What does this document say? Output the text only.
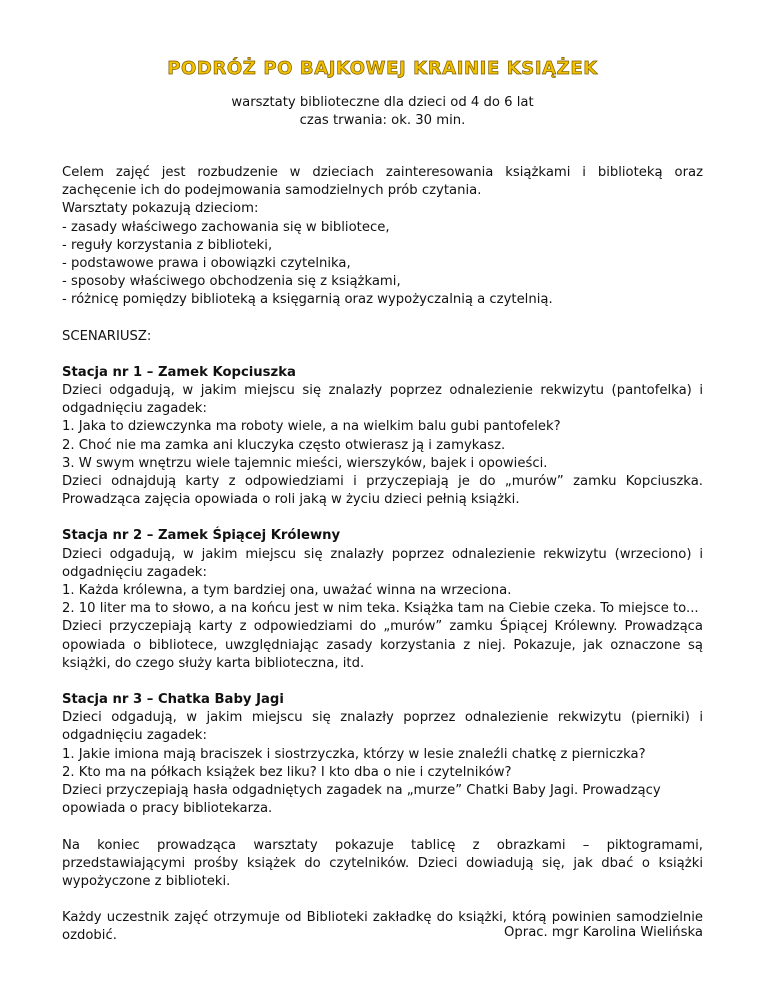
PODRÓŻ PO BAJKOWEJ KRAINIE KSIĄŻEK
warsztaty biblioteczne dla dzieci od 4 do 6 lat
czas trwania: ok. 30 min.
Celem zajęć jest rozbudzenie w dzieciach zainteresowania książkami i biblioteką oraz zachęcenie ich do podejmowania samodzielnych prób czytania.
Warsztaty pokazują dzieciom:
- zasady właściwego zachowania się w bibliotece,
- reguły korzystania z biblioteki,
- podstawowe prawa i obowiązki czytelnika,
- sposoby właściwego obchodzenia się z książkami,
- różnicę pomiędzy biblioteką a księgarnią oraz wypożyczalnią a czytelnią.
SCENARIUSZ:
Stacja nr 1 – Zamek Kopciuszka
Dzieci odgadują, w jakim miejscu się znalazły poprzez odnalezienie rekwizytu (pantofelka) i odgadnięciu zagadek:
1. Jaka to dziewczynka ma roboty wiele, a na wielkim balu gubi pantofelek?
2. Choć nie ma zamka ani kluczyka często otwierasz ją i zamykasz.
3. W swym wnętrzu wiele tajemnic mieści, wierszyków, bajek i opowieści.
Dzieci odnajdują karty z odpowiedziami i przyczepiają je do „murów” zamku Kopciuszka. Prowadząca zajęcia opowiada o roli jaką w życiu dzieci pełnią książki.
Stacja nr 2 – Zamek Śpiącej Królewny
Dzieci odgadują, w jakim miejscu się znalazły poprzez odnalezienie rekwizytu (wrzeciono) i odgadnięciu zagadek:
1. Każda królewna, a tym bardziej ona, uważać winna na wrzeciona.
2. 10 liter ma to słowo, a na końcu jest w nim teka. Książka tam na Ciebie czeka. To miejsce to...
Dzieci przyczepiają karty z odpowiedziami do „murów” zamku Śpiącej Królewny. Prowadząca opowiada o bibliotece, uwzględniając zasady korzystania z niej. Pokazuje, jak oznaczone są książki, do czego służy karta biblioteczna, itd.
Stacja nr 3 – Chatka Baby Jagi
Dzieci odgadują, w jakim miejscu się znalazły poprzez odnalezienie rekwizytu (pierniki) i odgadnięciu zagadek:
1. Jakie imiona mają braciszek i siostrzyczka, którzy w lesie znaleźli chatkę z pierniczka?
2. Kto ma na półkach książek bez liku? I kto dba o nie i czytelników?
Dzieci przyczepiają hasła odgadniętych zagadek na „murze” Chatki Baby Jagi. Prowadzący opowiada o pracy bibliotekarza.
Na koniec prowadząca warsztaty pokazuje tablicę z obrazkami – piktogramami, przedstawiającymi prośby książek do czytelników. Dzieci dowiadują się, jak dbać o książki wypożyczone z biblioteki.
Każdy uczestnik zajęć otrzymuje od Biblioteki zakładkę do książki, którą powinien samodzielnie ozdobić.	Oprac. mgr Karolina Wielińska
